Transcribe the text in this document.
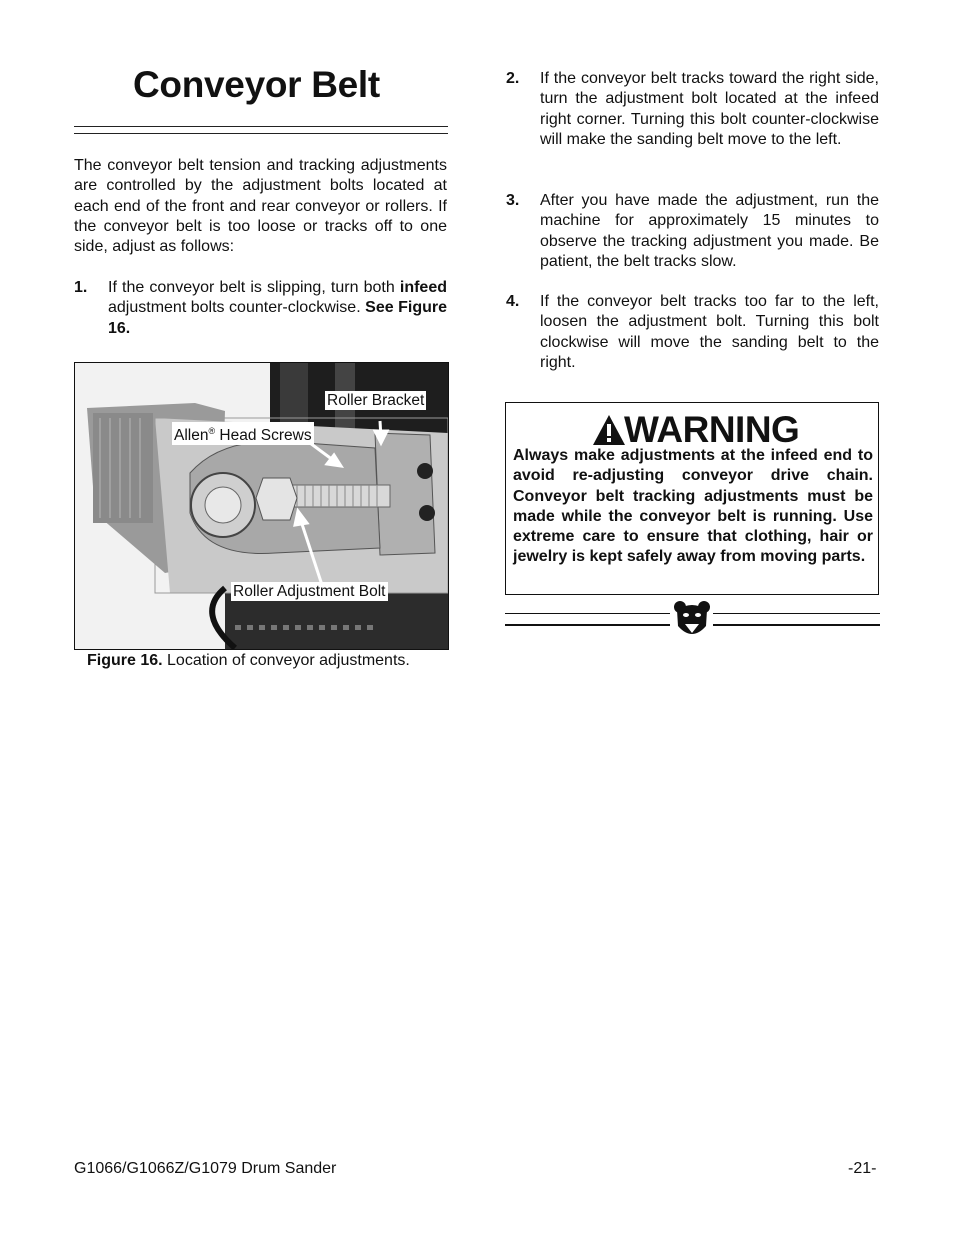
Conveyor Belt
The conveyor belt tension and tracking adjustments are controlled by the adjustment bolts located at each end of the front and rear conveyor or rollers. If the conveyor belt is too loose or tracks off to one side, adjust as follows:
1. If the conveyor belt is slipping, turn both infeed adjustment bolts counter-clockwise. See Figure 16.
Roller Bracket
Allen® Head Screws
Roller Adjustment Bolt
Figure 16. Location of conveyor adjustments.
2. If the conveyor belt tracks toward the right side, turn the adjustment bolt located at the infeed right corner. Turning this bolt counter-clockwise will make the sanding belt move to the left.
3. After you have made the adjustment, run the machine for approximately 15 minutes to observe the tracking adjustment you made. Be patient, the belt tracks slow.
4. If the conveyor belt tracks too far to the left, loosen the adjustment bolt. Turning this bolt clockwise will move the sanding belt to the right.
WARNING
Always make adjustments at the infeed end to avoid re-adjusting conveyor drive chain. Conveyor belt tracking adjustments must be made while the conveyor belt is running. Use extreme care to ensure that clothing, hair or jewelry is kept safely away from moving parts.
G1066/G1066Z/G1079 Drum Sander	-21-
